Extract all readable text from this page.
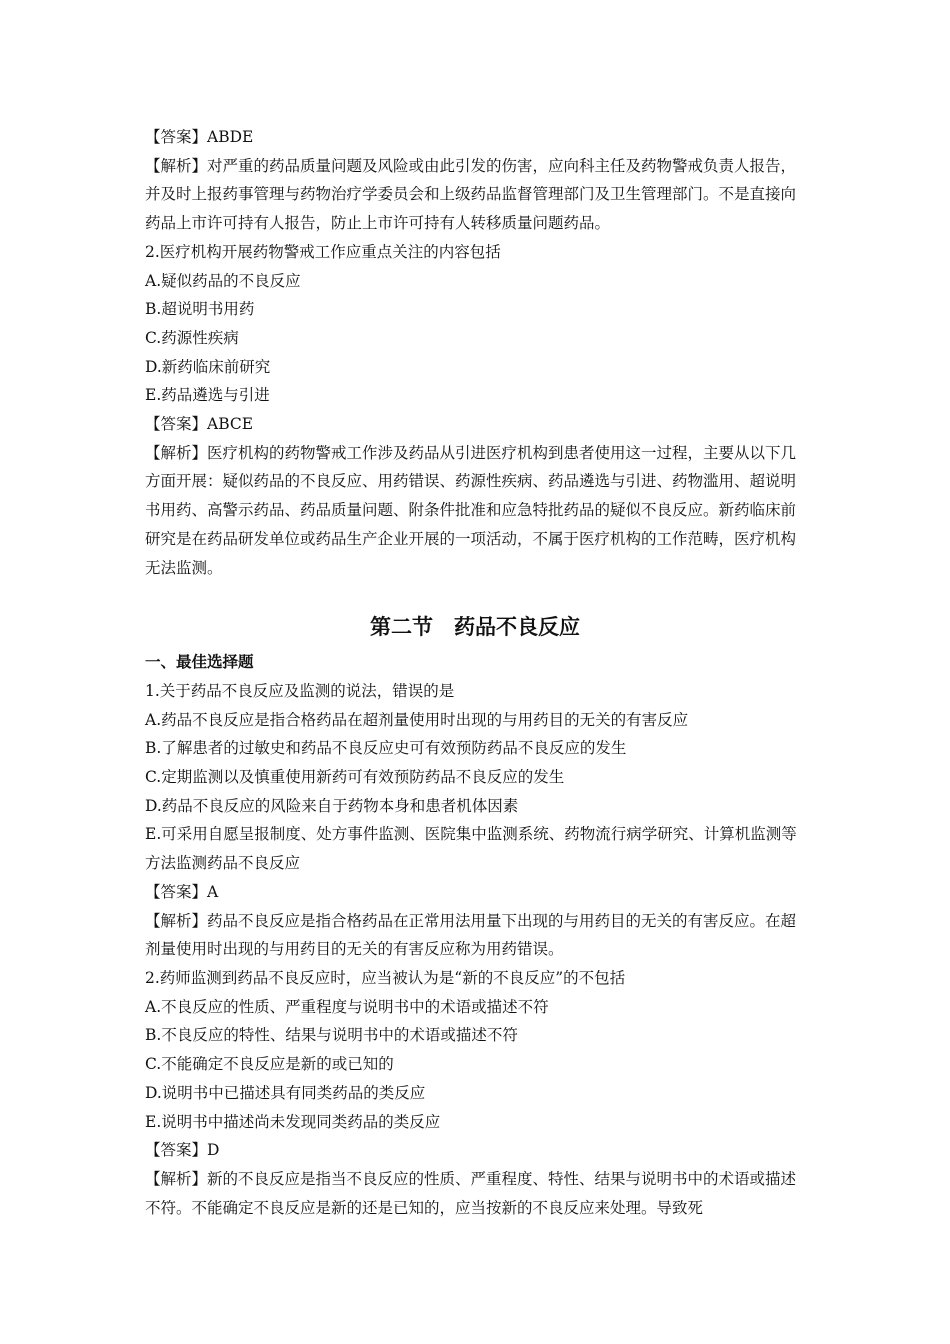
【答案】ABDE
【解析】对严重的药品质量问题及风险或由此引发的伤害，应向科主任及药物警戒负责人报告，并及时上报药事管理与药物治疗学委员会和上级药品监督管理部门及卫生管理部门。不是直接向药品上市许可持有人报告，防止上市许可持有人转移质量问题药品。
2.医疗机构开展药物警戒工作应重点关注的内容包括
A.疑似药品的不良反应
B.超说明书用药
C.药源性疾病
D.新药临床前研究
E.药品遴选与引进
【答案】ABCE
【解析】医疗机构的药物警戒工作涉及药品从引进医疗机构到患者使用这一过程，主要从以下几方面开展：疑似药品的不良反应、用药错误、药源性疾病、药品遴选与引进、药物滥用、超说明书用药、高警示药品、药品质量问题、附条件批准和应急特批药品的疑似不良反应。新药临床前研究是在药品研发单位或药品生产企业开展的一项活动，不属于医疗机构的工作范畴，医疗机构无法监测。
第二节　药品不良反应
一、最佳选择题
1.关于药品不良反应及监测的说法，错误的是
A.药品不良反应是指合格药品在超剂量使用时出现的与用药目的无关的有害反应
B.了解患者的过敏史和药品不良反应史可有效预防药品不良反应的发生
C.定期监测以及慎重使用新药可有效预防药品不良反应的发生
D.药品不良反应的风险来自于药物本身和患者机体因素
E.可采用自愿呈报制度、处方事件监测、医院集中监测系统、药物流行病学研究、计算机监测等方法监测药品不良反应
【答案】A
【解析】药品不良反应是指合格药品在正常用法用量下出现的与用药目的无关的有害反应。在超剂量使用时出现的与用药目的无关的有害反应称为用药错误。
2.药师监测到药品不良反应时，应当被认为是“新的不良反应”的不包括
A.不良反应的性质、严重程度与说明书中的术语或描述不符
B.不良反应的特性、结果与说明书中的术语或描述不符
C.不能确定不良反应是新的或已知的
D.说明书中已描述具有同类药品的类反应
E.说明书中描述尚未发现同类药品的类反应
【答案】D
【解析】新的不良反应是指当不良反应的性质、严重程度、特性、结果与说明书中的术语或描述不符。不能确定不良反应是新的还是已知的，应当按新的不良反应来处理。导致死
